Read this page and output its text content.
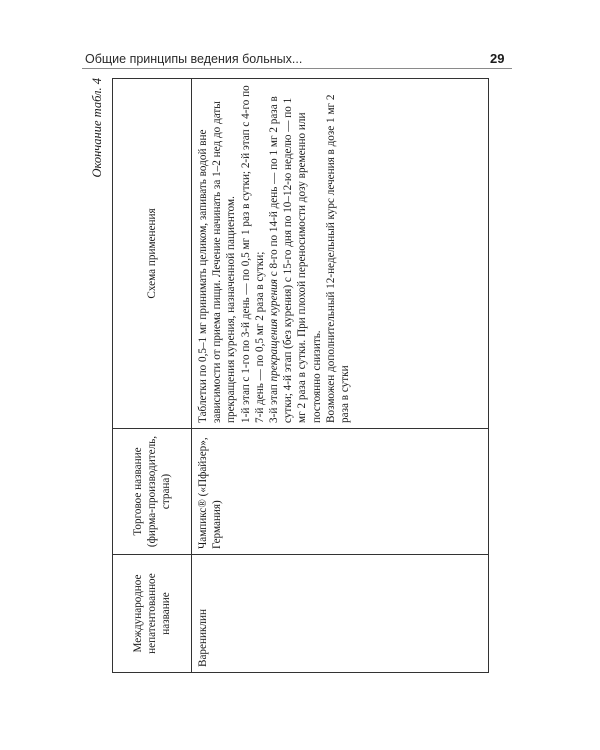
Общие принципы ведения больных...	29
Окончание табл. 4
Международное непатентованное название	Торговое название (фирма-производитель, страна)	Схема применения
Варениклин	Чампикс® («Пфайзер», Германия)	Таблетки по 0,5–1 мг принимать целиком, запивать водой вне зависимости от приема пищи. Лечение начинать за 1–2 нед до даты прекращения курения, назначенной пациентом. 1-й этап с 1-го по 3-й день — по 0,5 мг 1 раз в сутки; 2-й этап с 4-го по 7-й день — по 0,5 мг 2 раза в сутки; 3-й этап прекращения курения с 8-го по 14-й день — по 1 мг 2 раза в сутки; 4-й этап (без курения) с 15-го дня по 10–12-ю неделю — по 1 мг 2 раза в сутки. При плохой переносимости дозу временно или постоянно снизить. Возможен дополнительный 12-недельный курс лечения в дозе 1 мг 2 раза в сутки
